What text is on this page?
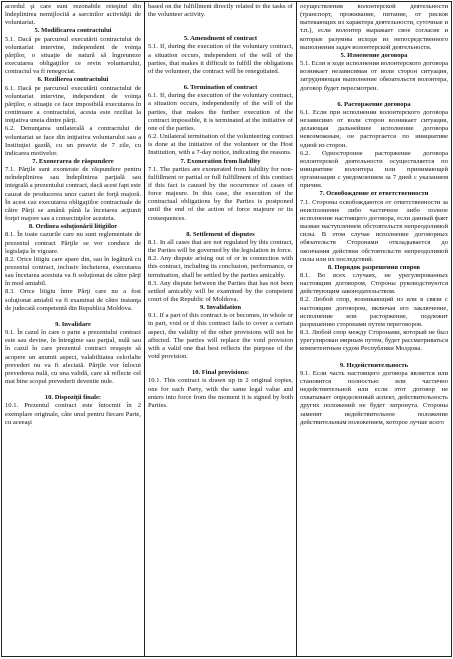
acordul şi care sunt rezonabile reieşind din îndeplinirea nemijlocită a sarcinilor activităţii de voluntariat.

5. Modificarea contractului

5.1. Dacă pe parcursul executării contractului de voluntariat intervine, independent de voinţa părţilor, o situaţie de natură să îngreuneze executarea obligaţiilor ce revin voluntarului, contractul va fi renegociat.

6. Rezilierea contractului

6.1. Dacă pe parcursul executării contractului de voluntariat intervine, independent de voinţa părţilor, o situaţie ce face imposibilă executarea în continuare a contractului, acesta este reziliat la iniţiativa uneia dintre părţi.

6.2. Denunţarea unilaterală a contractului de voluntariat se face din iniţiativa voluntarului sau a Instituţiei gazdă, cu un preaviz de 7 zile, cu indicarea motivelor.

7. Exonerarea de răspundere

7.1. Părţile sunt exonerate de răspundere pentru neîndeplinirea sau îndeplinirea parţială sau integrală a prezentului contract, dacă acest fapt este cauzat de producerea unor cazuri de forţă majoră. În acest caz executarea obligaţiilor contractuale de către Părţi se amână până la încetarea acţiunii forţei majore sau a consecinţelor acesteia.

8. Ordinea soluţionării litigiilor

8.1. În toate cazurile care nu sunt reglementate de prezentul contract Părţile se vor conduce de legislaţia în vigoare.

8.2. Orice litigiu care apare din, sau în legătură cu prezentul contract, inclusiv încheierea, executarea sau încetarea acestuia va fi soluţionat de către părţi în mod amiabil.

8.3. Orice litigiu între Părţi care nu a fost soluţionat amiabil va fi examinat de către instanţa de judecată competentă din Republica Moldova.

9. Invalidare

9.1. În cazul în care o parte a prezentului contract este sau devine, în întregime sau parţial, nulă sau în cazul în care prezentul contract reuşeşte să acopere un anumit aspect, valabilitatea celorlalte prevederi nu va fi afectată. Părţile vor înlocui prevederea nulă, cu una validă, care să reflecte cel mai bine scopul prevederii devenite nule.

10. Dispoziţii finale:

10.1. Prezentul contract este întocmit în 2 exemplare originale, câte unul pentru fiecare Parte, cu aceeaşi

based on the fulfillment directly related to the tasks of the volunteer activity.

5. Amendment of contract

5.1. If, during the execution of the voluntary contract, a situation occurs, independent of the will of the parties, that makes it difficult to fulfill the obligations of the volunteer, the contract will be renegotiated.

6. Termination of contract

6.1. If, during the execution of the voluntary contract, a situation occurs, independently of the will of the parties, that makes the further execution of the contract impossible, it is terminated at the initiative of one of the parties.

6.2. Unilateral termination of the volunteering contract is done at the initiative of the volunteer or the Host Institution, with a 7-day notice, indicating the reasons.

7. Exoneration from liability

7.1. The parties are exonerated from liability for non-fulfillment or partial or full fulfillment of this contract if this fact is caused by the occurrence of cases of force majeure. In this case, the execution of the contractual obligations by the Parties is postponed until the end of the action of force majeure or its consequences.

8. Settlement of disputes

8.1. In all cases that are not regulated by this contract, the Parties will be governed by the legislation in force.

8.2. Any dispute arising out of or in connection with this contract, including its conclusion, performance, or termination, shall be settled by the parties amicably.

8.3. Any dispute between the Parties that has not been settled amicably will be examined by the competent court of the Republic of Moldova.

9. Invalidation

9.1. If a part of this contract is or becomes, in whole or in part, void or if this contract fails to cover a certain aspect, the validity of the other provisions will not be affected. The parties will replace the void provision with a valid one that best reflects the purpose of the void provision.

10. Final provisions:

10.1. This contract is drawn up in 2 original copies, one for each Party, with the same legal value and enters into force from the moment it is signed by both Parties.

осуществления волонтерской деятельности (транспорт, проживание, питание, от рисков вытекающих из характера деятельности, суточные и т.п.), если волонтер выражает свое согласие и которые разумны исходя из непосредственного выполнения задач волонтерской деятельности.

5. Изменение договора

5.1. Если в ходе исполнения волонтерского договора возникает независимая от воли сторон ситуация, затрудняющая выполнение обязательств волонтера, договор будет пересмотрен.

6. Расторжение договора

6.1. Если при исполнении волонтерского договора независимо от воли сторон возникает ситуация, делающая дальнейшее исполнение договора невозможным, он расторгается по инициативе одной из сторон.

6.2. Односторонне расторжение договора волонтерской деятельности осуществляется по инициативе волонтера или принимающей организации с уведомлением за 7 дней с указанием причин.

7. Освобождение от ответственности

7.1. Стороны освобождаются от ответственности за неисполнение либо частичное либо полное исполнение настоящего договора, если данный факт вызван наступлением обстоятельств непреодолимой силы. В этом случае исполнение договорных обязательств Сторонами откладывается до окончания действия обстоятельств непреодолимой силы или их последствий.

8. Порядок разрешения споров

8.1. Во всех случаях, не урегулированных настоящим договором, Стороны руководствуются действующим законодательством.

8.2. Любой спор, возникающий из или в связи с настоящим договором, включая его заключение, исполнение или расторжение, подлежит разрешению сторонами путем переговоров.

8.3. Любой спор между Сторонами, который не был урегулирован мирным путем, будет рассматриваться компетентным судом Республики Молдова.

9. Недействительность

9.1. Если часть настоящего договора является или становится полностью или частично недействительной или если этот договор не охватывает определенный аспект, действительность других положений не будет затронута. Стороны заменят недействительное положение действительным положением, которое лучше всего
